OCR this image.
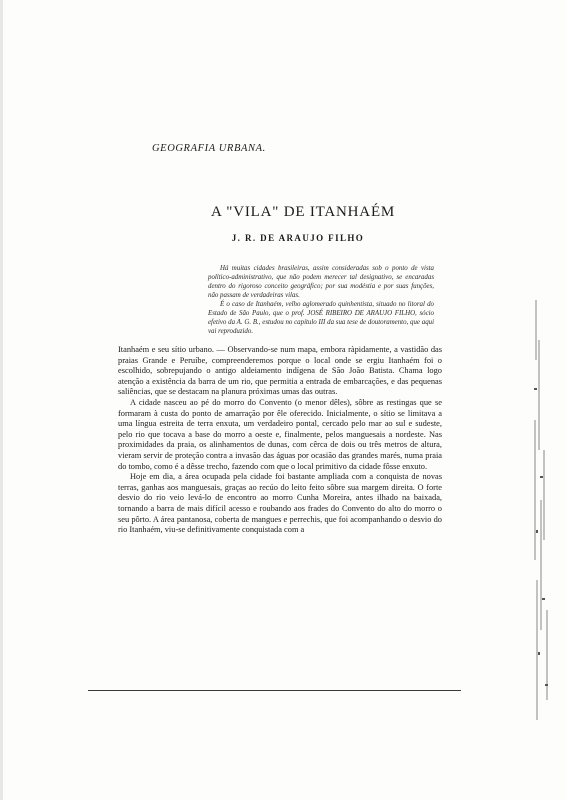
GEOGRAFIA URBANA.
A "VILA" DE ITANHAÉM
J. R. DE ARAUJO FILHO

Há muitas cidades brasileiras, assim consideradas sob o ponto de vista político-administrativo, que não podem merecer tal designativo, se encaradas dentro do rigoroso conceito geográfico; por sua modéstia e por suas funções, não passam de verdadeiras vilas.

É o caso de Itanhaém, velho aglomerado quinhentista, situado no litoral do Estado de São Paulo, que o prof. JOSÉ RIBEIRO DE ARAUJO FILHO, sócio efetivo da A. G. B., estudou no capítulo III da sua tese de doutoramento, que aqui vai reproduzido.

Itanhaém e seu sítio urbano. — Observando-se num mapa, embora ràpidamente, a vastidão das praias Grande e Peruíbe, compreenderemos porque o local onde se ergiu Itanhaém foi o escolhido, sobrepujando o antigo aldeiamento indígena de São João Batista. Chama logo atenção a existência da barra de um rio, que permitia a entrada de embarcações, e das pequenas saliências, que se destacam na planura próximas umas das outras.

A cidade nasceu ao pé do morro do Convento (o menor dêles), sôbre as restingas que se formaram à custa do ponto de amarração por êle oferecido. Inicialmente, o sítio se limitava a uma língua estreita de terra enxuta, um verdadeiro pontal, cercado pelo mar ao sul e sudeste, pelo rio que tocava a base do morro a oeste e, finalmente, pelos manguesais a nordeste. Nas proximidades da praia, os alinhamentos de dunas, com cêrca de dois ou três metros de altura, vieram servir de proteção contra a invasão das águas por ocasião das grandes marés, numa praia do tombo, como é a dêsse trecho, fazendo com que o local primitivo da cidade fôsse enxuto.

Hoje em dia, a área ocupada pela cidade foi bastante ampliada com a conquista de novas terras, ganhas aos manguesais, graças ao recúo do leito feito sôbre sua margem direita. O forte desvio do rio veio levá-lo de encontro ao morro Cunha Moreira, antes ilhado na baixada, tornando a barra de mais difícil acesso e roubando aos frades do Convento do alto do morro o seu pôrto. A área pantanosa, coberta de mangues e perrechis, que foi acompanhando o desvio do rio Itanhaém, viu-se definitivamente conquistada com a
